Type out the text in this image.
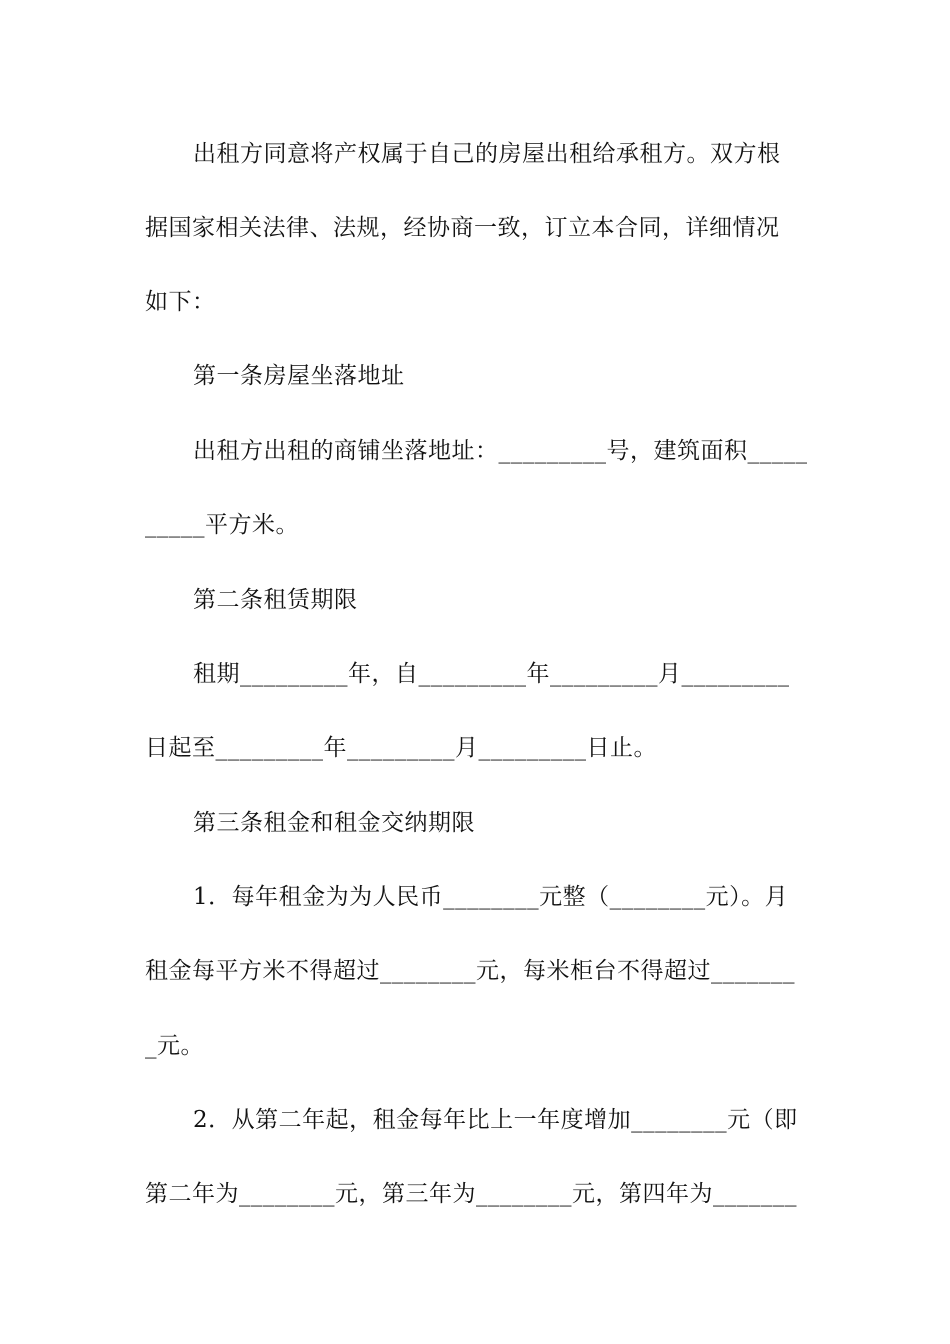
出租方同意将产权属于自己的房屋出租给承租方。双方根
据国家相关法律、法规，经协商一致，订立本合同，详细情况
如下：
第一条房屋坐落地址
出租方出租的商铺坐落地址：_________号，建筑面积_____
_____平方米。
第二条租赁期限
租期_________年，自_________年_________月_________
日起至_________年_________月_________日止。
第三条租金和租金交纳期限
1．每年租金为为人民币________元整（________元）。月
租金每平方米不得超过________元，每米柜台不得超过_______
_元。
2．从第二年起，租金每年比上一年度增加________元（即
第二年为________元，第三年为________元，第四年为_______
